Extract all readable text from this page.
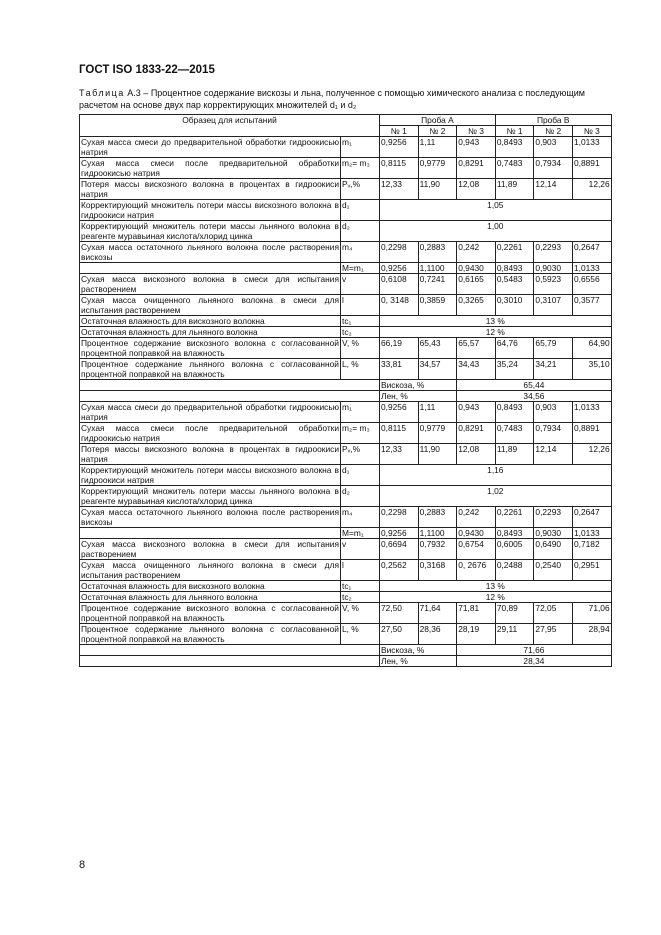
ГОСТ ISO 1833-22—2015
Таблица А.3 – Процентное содержание вискозы и льна, полученное с помощью химического анализа с последующим расчетом на основе двух пар корректирующих множителей d₁ и d₂
Образец для испытаний		Проба А			Проба В		
		№ 1	№ 2	№ 3	№ 1	№ 2	№ 3
Сухая масса смеси до предварительной обработки гидроокисью натрия	m₁	0,9256	1,11	0,943	0,8493	0,903	1,0133
Сухая масса смеси после предварительной обработки гидроокисью натрия	m₂= m₃	0,8115	0,9779	0,8291	0,7483	0,7934	0,8891
Потеря массы вискозного волокна в процентах в гидроокиси натрия	Pᵥ,%	12,33	11,90	12,08	11,89	12,14	12,26
Корректирующий множитель потери массы вискозного волокна в гидроокиси натрия	d₁	1,05					
Корректирующий множитель потери массы льняного волокна в реагенте муравьиная кислота/хлорид цинка	d₂	1,00					
Сухая масса остаточного льняного волокна после растворения вискозы	m₄	0,2298	0,2883	0,242	0,2261	0,2293	0,2647
	M=m₁	0,9256	1,1100	0,9430	0,8493	0,9030	1,0133
Сухая масса вискозного волокна в смеси для испытания растворением	v	0,6108	0,7241	0,6165	0,5483	0,5923	0,6556
Сухая масса очищенного льняного волокна в смеси для испытания растворением	l	0, 3148	0,3859	0,3265	0,3010	0,3107	0,3577
Остаточная влажность для вискозного волокна	tc₁	13 %					
Остаточная влажность для льняного волокна	tc₂	12 %					
Процентное содержание вискозного волокна с согласованной процентной поправкой на влажность	V, %	66,19	65,43	65,57	64,76	65,79	64,90
Процентное содержание льняного волокна с согласованной процентной поправкой на влажность	L, %	33,81	34,57	34,43	35,24	34,21	35,10
		Вискоза, %		65,44			
		Лен, %		34,56			
Сухая масса смеси до предварительной обработки гидроокисью натрия	m₁	0,9256	1,11	0,943	0,8493	0,903	1,0133
Сухая масса смеси после предварительной обработки гидроокисью натрия	m₂= m₃	0,8115	0,9779	0,8291	0,7483	0,7934	0,8891
Потеря массы вискозного волокна в процентах в гидроокиси натрия	Pᵥ,%	12,33	11,90	12,08	11,89	12,14	12,26
Корректирующий множитель потери массы вискозного волокна в гидроокиси натрия	d₁	1,16					
Корректирующий множитель потери массы льняного волокна в реагенте муравьиная кислота/хлорид цинка	d₂	1,02					
Сухая масса остаточного льняного волокна после растворения вискозы	m₄	0,2298	0,2883	0,242	0,2261	0,2293	0,2647
	M=m₁	0,9256	1,1100	0,9430	0,8493	0,9030	1,0133
Сухая масса вискозного волокна в смеси для испытания растворением	v	0,6694	0,7932	0,6754	0,6005	0,6490	0,7182
Сухая масса очищенного льняного волокна в смеси для испытания растворением	l	0,2562	0,3168	0, 2676	0,2488	0,2540	0,2951
Остаточная влажность для вискозного волокна	tc₁	13 %					
Остаточная влажность для льняного волокна	tc₂	12 %					
Процентное содержание вискозного волокна с согласованной процентной поправкой на влажность	V, %	72,50	71,64	71,81	70,89	72,05	71,06
Процентное содержание льняного волокна с согласованной процентной поправкой на влажность	L, %	27,50	28,36	28,19	29,11	27,95	28,94
		Вискоза, %		71,66			
		Лен, %		28,34			
8
